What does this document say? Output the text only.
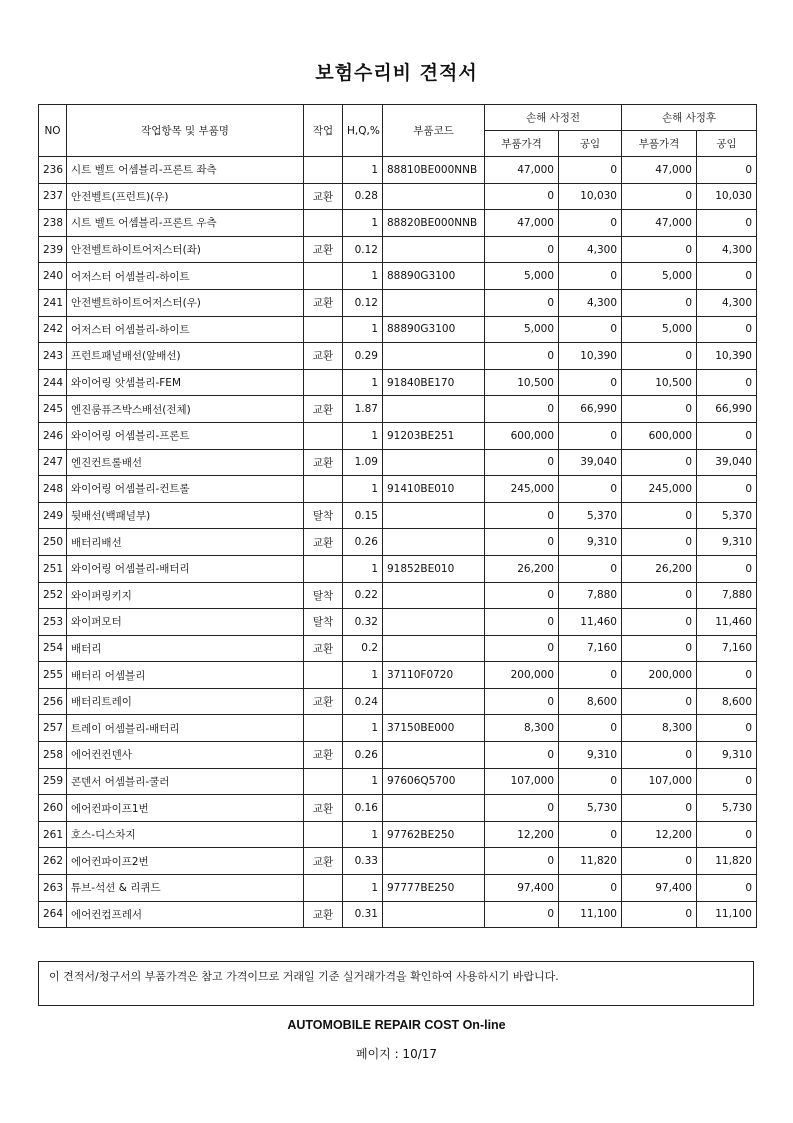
보험수리비 견적서
NO	작업항목 및 부품명	작업	H,Q,%	부품코드	손해 사정전		손해 사정후	
					부품가격	공임	부품가격	공임
236	시트 벨트 어셈블리-프론트 좌측		1	88810BE000NNB	47,000	0	47,000	0
237	안전벨트(프런트)(우)	교환	0.28		0	10,030	0	10,030
238	시트 벨트 어셈블리-프론트 우측		1	88820BE000NNB	47,000	0	47,000	0
239	안전벨트하이트어저스터(좌)	교환	0.12		0	4,300	0	4,300
240	어저스터 어셈블리-하이트		1	88890G3100	5,000	0	5,000	0
241	안전벨트하이트어저스터(우)	교환	0.12		0	4,300	0	4,300
242	어저스터 어셈블리-하이트		1	88890G3100	5,000	0	5,000	0
243	프런트패널배선(앞배선)	교환	0.29		0	10,390	0	10,390
244	와이어링 앗셈블리-FEM		1	91840BE170	10,500	0	10,500	0
245	엔진룸퓨즈박스배선(전체)	교환	1.87		0	66,990	0	66,990
246	와이어링 어셈블리-프론트		1	91203BE251	600,000	0	600,000	0
247	엔진컨트롤배선	교환	1.09		0	39,040	0	39,040
248	와이어링 어셈블리-컨트롤		1	91410BE010	245,000	0	245,000	0
249	뒷배선(백패널부)	탈착	0.15		0	5,370	0	5,370
250	배터리배선	교환	0.26		0	9,310	0	9,310
251	와이어링 어셈블리-배터리		1	91852BE010	26,200	0	26,200	0
252	와이퍼링키지	탈착	0.22		0	7,880	0	7,880
253	와이퍼모터	탈착	0.32		0	11,460	0	11,460
254	배터리	교환	0.2		0	7,160	0	7,160
255	배터리 어셈블리		1	37110F0720	200,000	0	200,000	0
256	배터리트레이	교환	0.24		0	8,600	0	8,600
257	트레이 어셈블리-배터리		1	37150BE000	8,300	0	8,300	0
258	에어컨컨덴사	교환	0.26		0	9,310	0	9,310
259	콘덴서 어셈블리-쿨러		1	97606Q5700	107,000	0	107,000	0
260	에어컨파이프1번	교환	0.16		0	5,730	0	5,730
261	호스-디스차지		1	97762BE250	12,200	0	12,200	0
262	에어컨파이프2번	교환	0.33		0	11,820	0	11,820
263	튜브-석션 & 리퀴드		1	97777BE250	97,400	0	97,400	0
264	에어컨컴프레서	교환	0.31		0	11,100	0	11,100
이 견적서/청구서의 부품가격은 참고 가격이므로 거래일 기준 실거래가격을 확인하여 사용하시기 바랍니다.
AUTOMOBILE REPAIR COST On-line
페이지 : 10/17
